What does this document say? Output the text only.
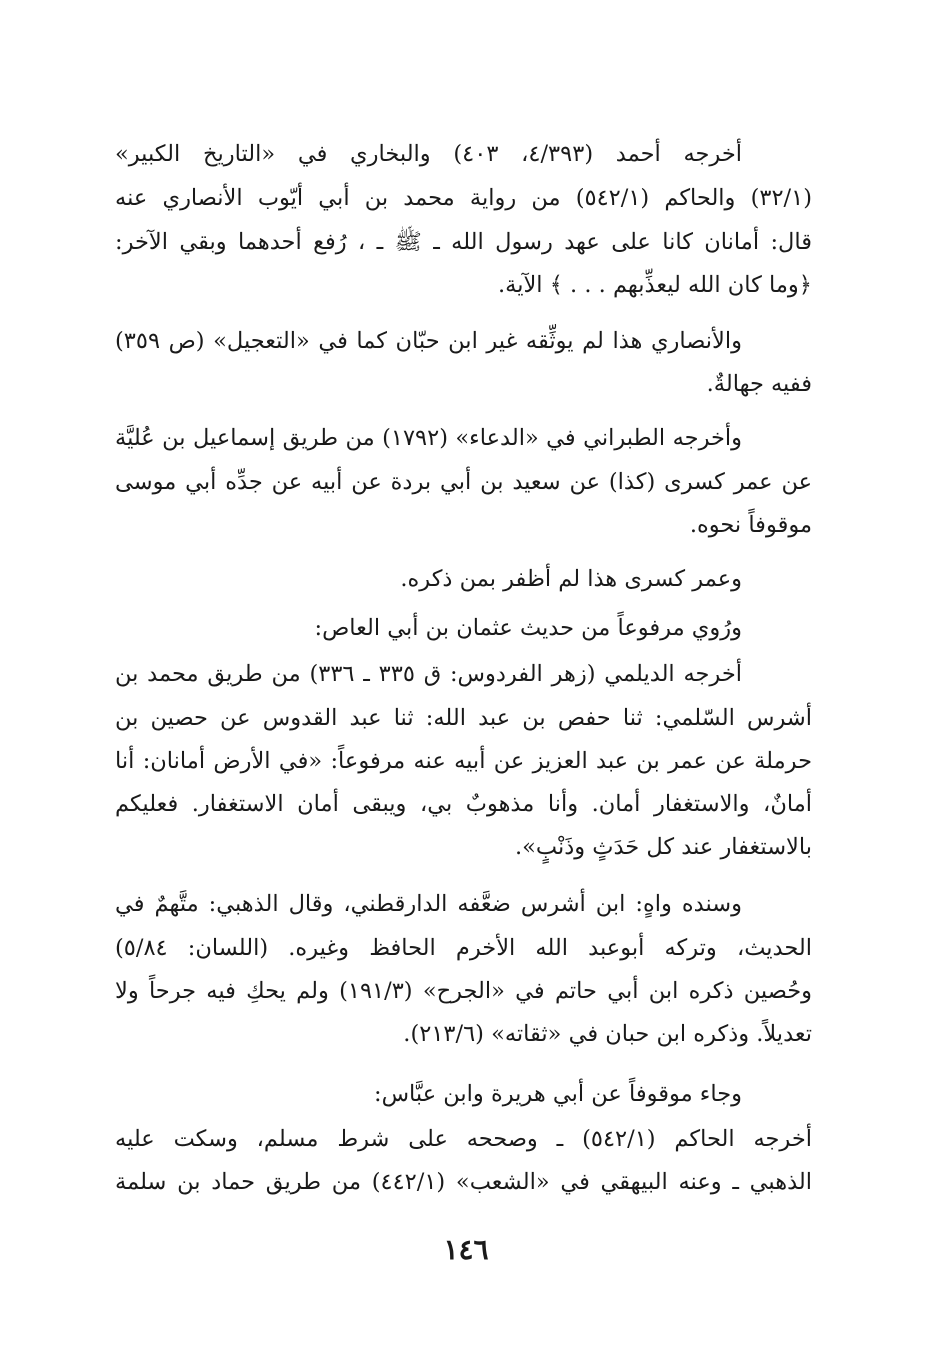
أخرجه أحمد (٤/٣٩٣، ٤٠٣) والبخاري في «التاريخ الكبير»
(٣٢/١) والحاكم (٥٤٢/١) من رواية محمد بن أبي أيّوب الأنصاري عنه
قال: أمانان كانا على عهد رسول الله ـ ﷺ ـ ، رُفع أحدهما وبقي الآخر:
﴿وما كان الله ليعذِّبهم . . . ﴾ الآية.
والأنصاري هذا لم يوثِّقه غير ابن حبّان كما في «التعجيل» (ص ٣٥٩)
ففيه جهالةٌ.
وأخرجه الطبراني في «الدعاء» (١٧٩٢) من طريق إسماعيل بن عُليَّة
عن عمر كسرى (كذا) عن سعيد بن أبي بردة عن أبيه عن جدِّه أبي موسى
موقوفاً نحوه.
وعمر كسرى هذا لم أظفر بمن ذكره.
ورُوي مرفوعاً من حديث عثمان بن أبي العاص:
أخرجه الديلمي (زهر الفردوس: ق ٣٣٥ ـ ٣٣٦) من طريق محمد بن
أشرس السّلمي: ثنا حفص بن عبد الله: ثنا عبد القدوس عن حصين بن
حرملة عن عمر بن عبد العزيز عن أبيه عنه مرفوعاً: «في الأرض أمانان: أنا
أمانٌ، والاستغفار أمان. وأنا مذهوبٌ بي، ويبقى أمان الاستغفار. فعليكم
بالاستغفار عند كل حَدَثٍ وذَنْبٍ».
وسنده واهٍ: ابن أشرس ضعَّفه الدارقطني، وقال الذهبي: متَّهمٌ في
الحديث، وتركه أبوعبد الله الأخرم الحافظ وغيره. (اللسان: ٥/٨٤)
وحُصين ذكره ابن أبي حاتم في «الجرح» (١٩١/٣) ولم يحكِ فيه جرحاً ولا
تعديلاً. وذكره ابن حبان في «ثقاته» (٢١٣/٦).
وجاء موقوفاً عن أبي هريرة وابن عبَّاس:
أخرجه الحاكم (٥٤٢/١) ـ وصححه على شرط مسلم، وسكت عليه
الذهبي ـ وعنه البيهقي في «الشعب» (٤٤٢/١) من طريق حماد بن سلمة
١٤٦
